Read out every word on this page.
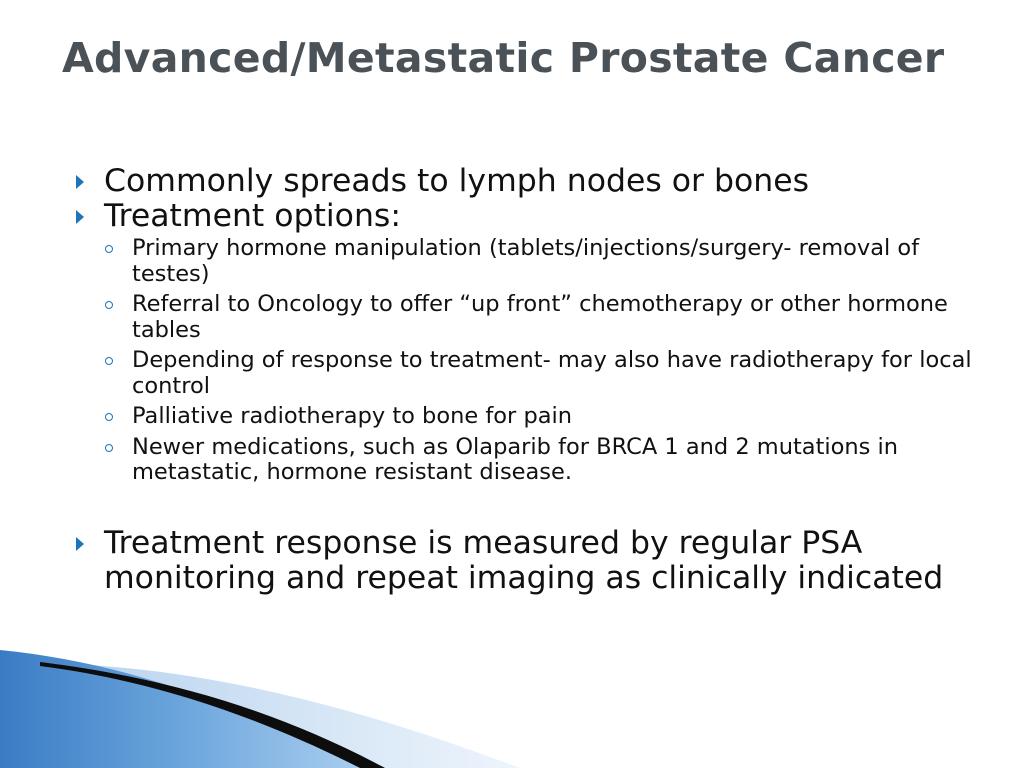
Advanced/Metastatic Prostate Cancer
Commonly spreads to lymph nodes or bones
Treatment options:
Primary hormone manipulation (tablets/injections/surgery- removal of testes)
Referral to Oncology to offer “up front” chemotherapy or other hormone tables
Depending of response to treatment- may also have radiotherapy for local control
Palliative radiotherapy to bone for pain
Newer medications, such as Olaparib for BRCA 1 and 2 mutations in metastatic, hormone resistant disease.
Treatment response is measured by regular PSA monitoring and repeat imaging as clinically indicated
